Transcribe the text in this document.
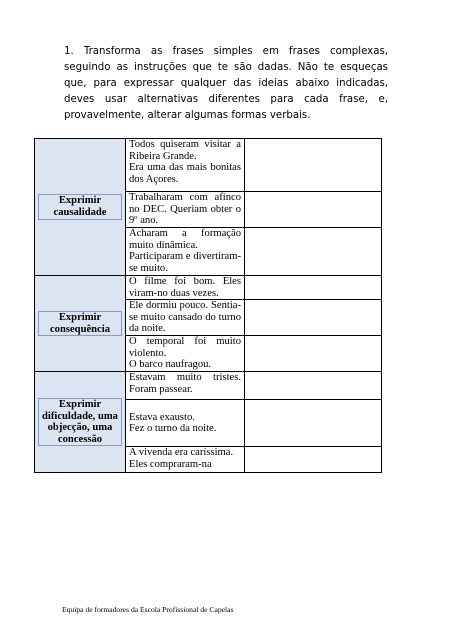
1. Transforma as frases simples em frases complexas, seguindo as instruções que te são dadas. Não te esqueças que, para expressar qualquer das ideias abaixo indicadas, deves usar alternativas diferentes para cada frase, e, provavelmente, alterar algumas formas verbais.
Exprimir causalidade	Todos quiseram visitar a Ribeira Grande.
Era uma das mais bonitas dos Açores.	

	Trabalharam com afinco no DEC. Queriam obter o 9º ano.	

	Acharam a formação muito dinâmica.
Participaram e divertiram-se muito.	

Exprimir consequência	O filme foi bom. Eles viram-no duas vezes.	

	Ele dormiu pouco. Sentia-se muito cansado do turno da noite.	

	O temporal foi muito violento.
O barco naufragou.	

Exprimir dificuldade, uma objecção, uma concessão	Estavam muito tristes. Foram passear.	

	Estava exausto.
Fez o turno da noite.	

	A vivenda era caríssima.
Eles compraram-na	

Equipa de formadores da Escola Profissional de Capelas
